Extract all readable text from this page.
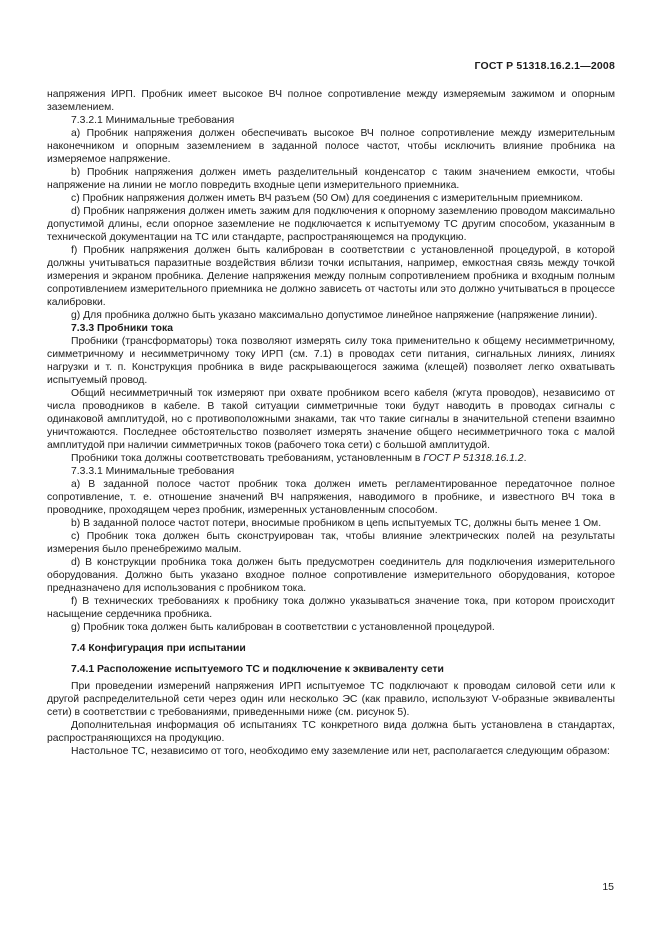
ГОСТ Р 51318.16.2.1—2008

напряжения ИРП. Пробник имеет высокое ВЧ полное сопротивление между измеряемым зажимом и опорным заземлением.

7.3.2.1 Минимальные требования

a) Пробник напряжения должен обеспечивать высокое ВЧ полное сопротивление между измерительным наконечником и опорным заземлением в заданной полосе частот, чтобы исключить влияние пробника на измеряемое напряжение.

b) Пробник напряжения должен иметь разделительный конденсатор с таким значением емкости, чтобы напряжение на линии не могло повредить входные цепи измерительного приемника.

c) Пробник напряжения должен иметь ВЧ разъем (50 Ом) для соединения с измерительным приемником.

d) Пробник напряжения должен иметь зажим для подключения к опорному заземлению проводом максимально допустимой длины, если опорное заземление не подключается к испытуемому ТС другим способом, указанным в технической документации на ТС или стандарте, распространяющемся на продукцию.

f) Пробник напряжения должен быть калиброван в соответствии с установленной процедурой, в которой должны учитываться паразитные воздействия вблизи точки испытания, например, емкостная связь между точкой измерения и экраном пробника. Деление напряжения между полным сопротивлением пробника и входным полным сопротивлением измерительного приемника не должно зависеть от частоты или это должно учитываться в процессе калибровки.

g) Для пробника должно быть указано максимально допустимое линейное напряжение (напряжение линии).

7.3.3 Пробники тока

Пробники (трансформаторы) тока позволяют измерять силу тока применительно к общему несимметричному, симметричному и несимметричному току ИРП (см. 7.1) в проводах сети питания, сигнальных линиях, линиях нагрузки и т. п. Конструкция пробника в виде раскрывающегося зажима (клещей) позволяет легко охватывать испытуемый провод.

Общий несимметричный ток измеряют при охвате пробником всего кабеля (жгута проводов), независимо от числа проводников в кабеле. В такой ситуации симметричные токи будут наводить в проводах сигналы с одинаковой амплитудой, но с противоположными знаками, так что такие сигналы в значительной степени взаимно уничтожаются. Последнее обстоятельство позволяет измерять значение общего несимметричного тока с малой амплитудой при наличии симметричных токов (рабочего тока сети) с большой амплитудой.

Пробники тока должны соответствовать требованиям, установленным в ГОСТ Р 51318.16.1.2.

7.3.3.1 Минимальные требования

a) В заданной полосе частот пробник тока должен иметь регламентированное передаточное полное сопротивление, т. е. отношение значений ВЧ напряжения, наводимого в пробнике, и известного ВЧ тока в проводнике, проходящем через пробник, измеренных установленным способом.

b) В заданной полосе частот потери, вносимые пробником в цепь испытуемых ТС, должны быть менее 1 Ом.

c) Пробник тока должен быть сконструирован так, чтобы влияние электрических полей на результаты измерения было пренебрежимо малым.

d) В конструкции пробника тока должен быть предусмотрен соединитель для подключения измерительного оборудования. Должно быть указано входное полное сопротивление измерительного оборудования, которое предназначено для использования с пробником тока.

f) В технических требованиях к пробнику тока должно указываться значение тока, при котором происходит насыщение сердечника пробника.

g) Пробник тока должен быть калиброван в соответствии с установленной процедурой.

7.4 Конфигурация при испытании

7.4.1 Расположение испытуемого ТС и подключение к эквиваленту сети

При проведении измерений напряжения ИРП испытуемое ТС подключают к проводам силовой сети или к другой распределительной сети через один или несколько ЭС (как правило, используют V-образные эквиваленты сети) в соответствии с требованиями, приведенными ниже (см. рисунок 5).

Дополнительная информация об испытаниях ТС конкретного вида должна быть установлена в стандартах, распространяющихся на продукцию.

Настольное ТС, независимо от того, необходимо ему заземление или нет, располагается следующим образом:

15
